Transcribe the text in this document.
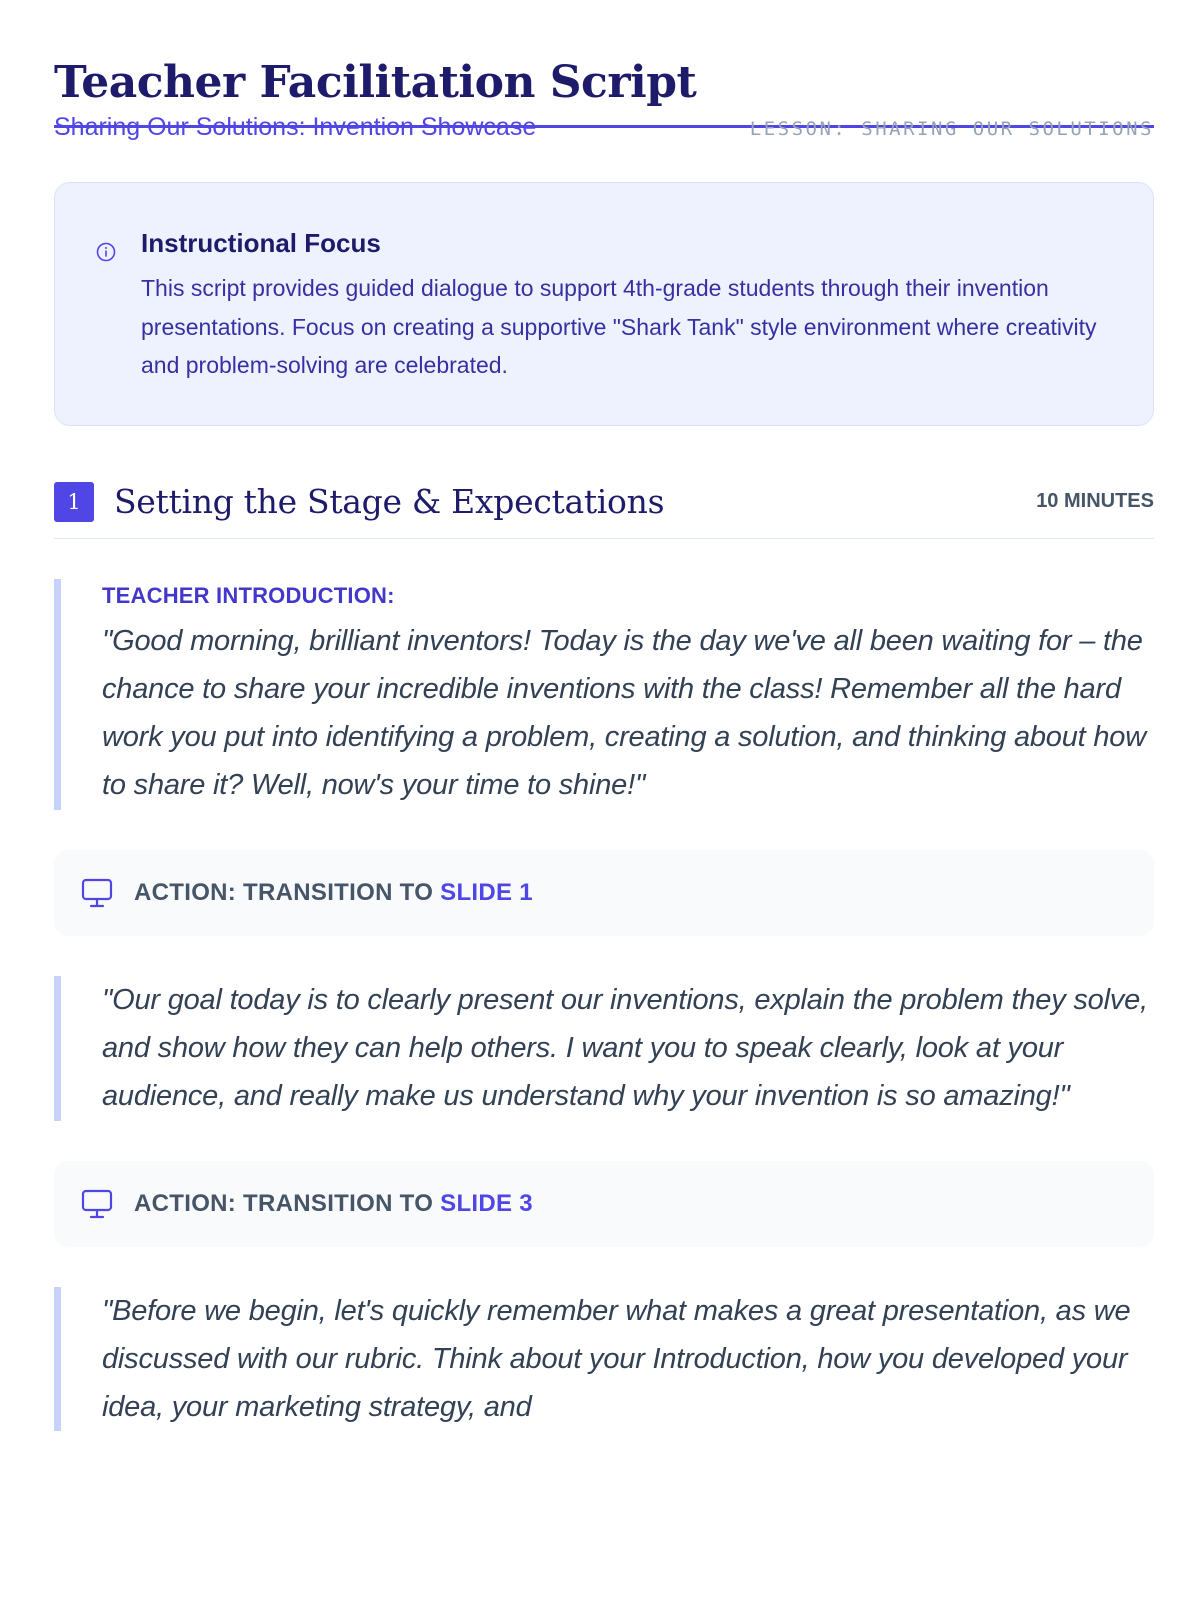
Teacher Facilitation Script
Sharing Our Solutions: Invention Showcase	LESSON: SHARING OUR SOLUTIONS
Instructional Focus

This script provides guided dialogue to support 4th-grade students through their invention presentations. Focus on creating a supportive "Shark Tank" style environment where creativity and problem-solving are celebrated.

1	Setting the Stage & Expectations	10 MINUTES
TEACHER INTRODUCTION:

"Good morning, brilliant inventors! Today is the day we've all been waiting for – the chance to share your incredible inventions with the class! Remember all the hard work you put into identifying a problem, creating a solution, and thinking about how to share it? Well, now's your time to shine!"

ACTION: TRANSITION TO SLIDE 1

"Our goal today is to clearly present our inventions, explain the problem they solve, and show how they can help others. I want you to speak clearly, look at your audience, and really make us understand why your invention is so amazing!"

ACTION: TRANSITION TO SLIDE 3

"Before we begin, let's quickly remember what makes a great presentation, as we discussed with our rubric. Think about your Introduction, how you developed your idea, your marketing strategy, and
